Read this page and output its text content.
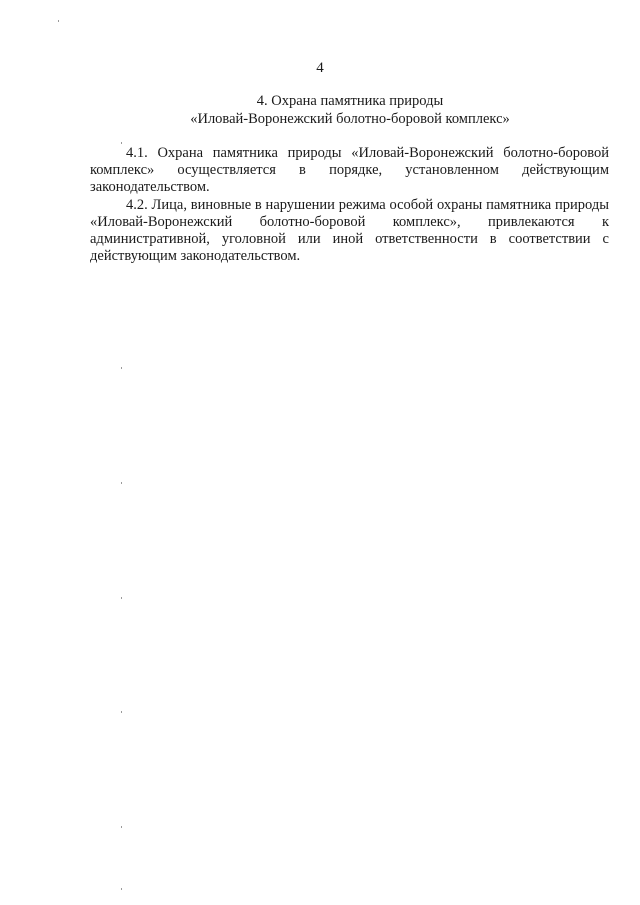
4
4. Охрана памятника природы
«Иловай-Воронежский болотно-боровой комплекс»

4.1. Охрана памятника природы «Иловай-Воронежский болотно-боровой комплекс» осуществляется в порядке, установленном действующим законодательством.

4.2. Лица, виновные в нарушении режима особой охраны памятника природы «Иловай-Воронежский болотно-боровой комплекс», привлекаются к административной, уголовной или иной ответственности в соответствии с действующим законодательством.
